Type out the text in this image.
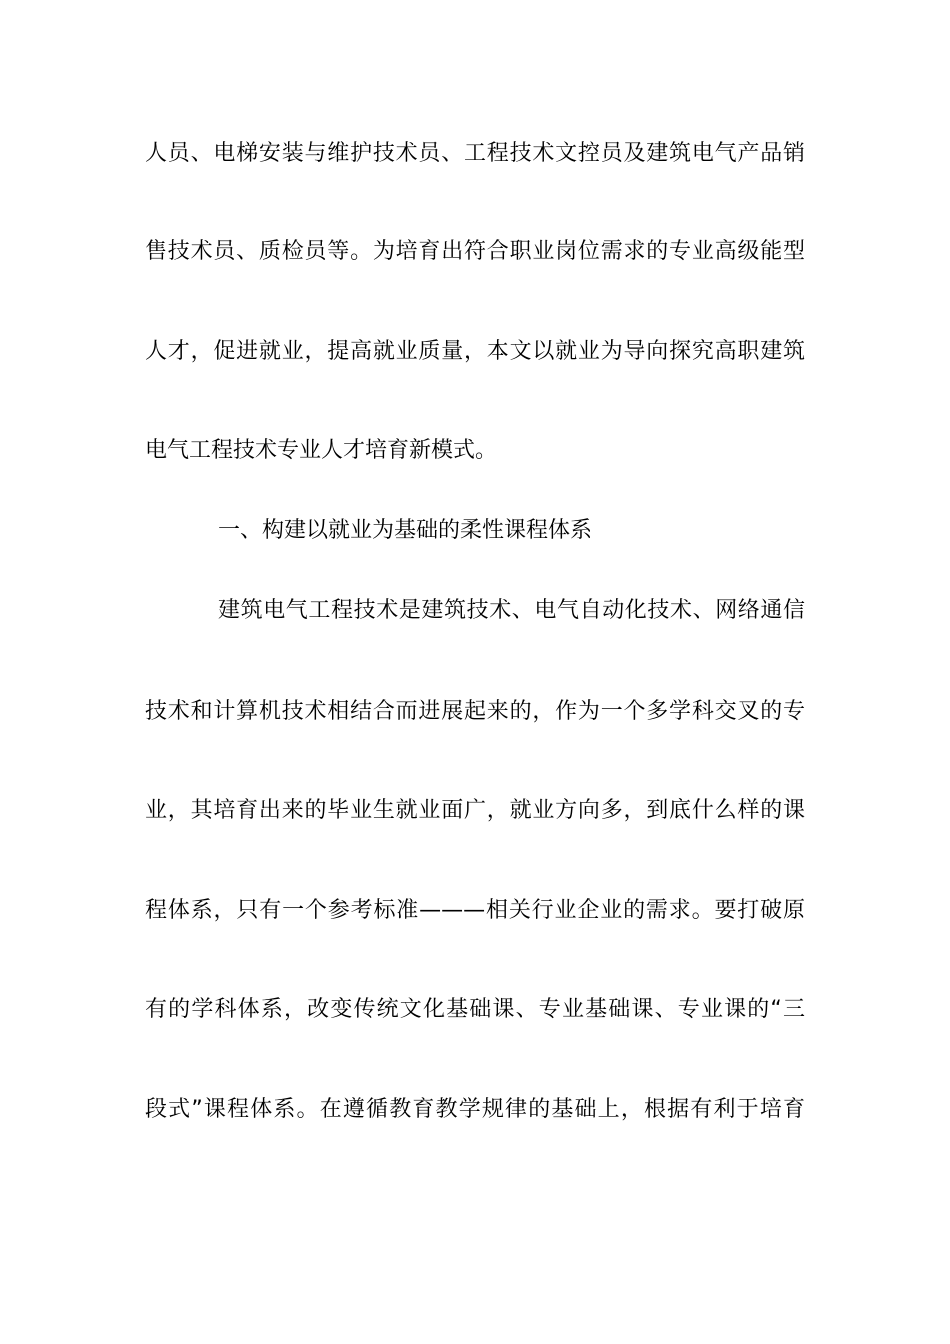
人员、电梯安装与维护技术员、工程技术文控员及建筑电气产品销
售技术员、质检员等。为培育出符合职业岗位需求的专业高级能型
人才，促进就业，提高就业质量，本文以就业为导向探究高职建筑
电气工程技术专业人才培育新模式。
一、构建以就业为基础的柔性课程体系
建筑电气工程技术是建筑技术、电气自动化技术、网络通信
技术和计算机技术相结合而进展起来的，作为一个多学科交叉的专
业，其培育出来的毕业生就业面广，就业方向多，到底什么样的课
程体系，只有一个参考标准———相关行业企业的需求。要打破原
有的学科体系，改变传统文化基础课、专业基础课、专业课的“三
段式”课程体系。在遵循教育教学规律的基础上，根据有利于培育
